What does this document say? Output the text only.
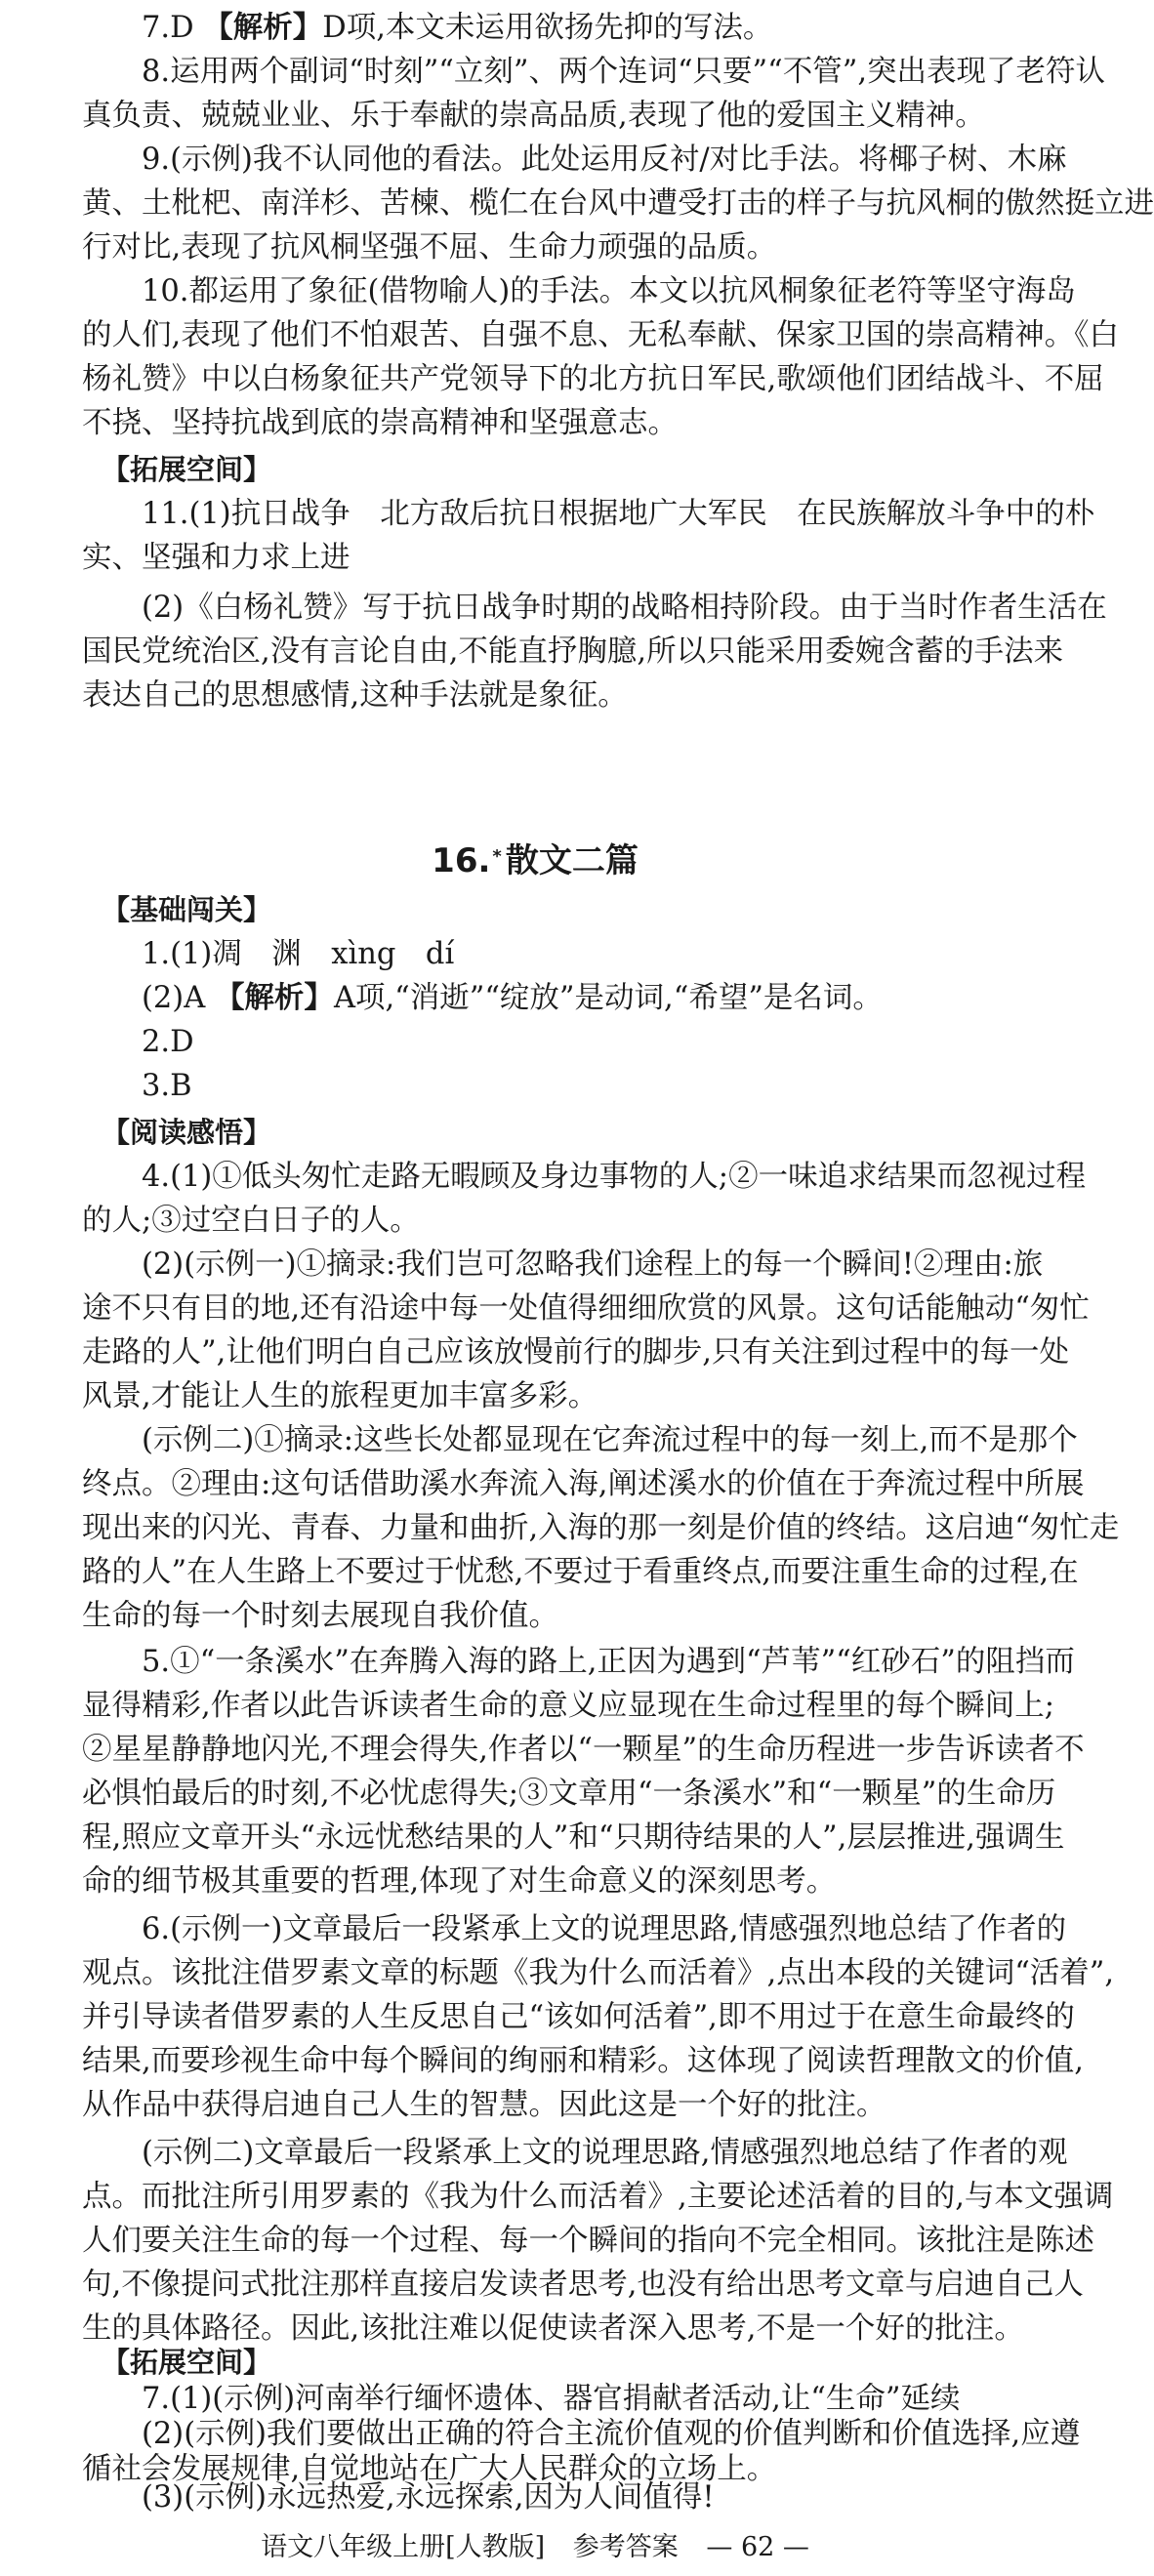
　　7.D 【解析】D项,本文未运用欲扬先抑的写法。
　　8.运用两个副词“时刻”“立刻”、两个连词“只要”“不管”,突出表现了老符认
真负责、兢兢业业、乐于奉献的崇高品质,表现了他的爱国主义精神。
　　9.(示例)我不认同他的看法。此处运用反衬/对比手法。将椰子树、木麻
黄、土枇杷、南洋杉、苦楝、榄仁在台风中遭受打击的样子与抗风桐的傲然挺立进
行对比,表现了抗风桐坚强不屈、生命力顽强的品质。
　　10.都运用了象征(借物喻人)的手法。本文以抗风桐象征老符等坚守海岛
的人们,表现了他们不怕艰苦、自强不息、无私奉献、保家卫国的崇高精神。《白
杨礼赞》中以白杨象征共产党领导下的北方抗日军民,歌颂他们团结战斗、不屈
不挠、坚持抗战到底的崇高精神和坚强意志。
【拓展空间】
　　11.(1)抗日战争　北方敌后抗日根据地广大军民　在民族解放斗争中的朴
实、坚强和力求上进
　　(2)《白杨礼赞》写于抗日战争时期的战略相持阶段。由于当时作者生活在
国民党统治区,没有言论自由,不能直抒胸臆,所以只能采用委婉含蓄的手法来
表达自己的思想感情,这种手法就是象征。
16. * 散文二篇
【基础闯关】
　　1.(1)凋　渊　xìng　dí
　　(2)A 【解析】A项,“消逝”“绽放”是动词,“希望”是名词。
　　2.D
　　3.B
【阅读感悟】
　　4.(1)①低头匆忙走路无暇顾及身边事物的人;②一味追求结果而忽视过程
的人;③过空白日子的人。
　　(2)(示例一)①摘录:我们岂可忽略我们途程上的每一个瞬间!②理由:旅
途不只有目的地,还有沿途中每一处值得细细欣赏的风景。这句话能触动“匆忙
走路的人”,让他们明白自己应该放慢前行的脚步,只有关注到过程中的每一处
风景,才能让人生的旅程更加丰富多彩。
　　(示例二)①摘录:这些长处都显现在它奔流过程中的每一刻上,而不是那个
终点。②理由:这句话借助溪水奔流入海,阐述溪水的价值在于奔流过程中所展
现出来的闪光、青春、力量和曲折,入海的那一刻是价值的终结。这启迪“匆忙走
路的人”在人生路上不要过于忧愁,不要过于看重终点,而要注重生命的过程,在
生命的每一个时刻去展现自我价值。
　　5.①“一条溪水”在奔腾入海的路上,正因为遇到“芦苇”“红砂石”的阻挡而
显得精彩,作者以此告诉读者生命的意义应显现在生命过程里的每个瞬间上;
②星星静静地闪光,不理会得失,作者以“一颗星”的生命历程进一步告诉读者不
必惧怕最后的时刻,不必忧虑得失;③文章用“一条溪水”和“一颗星”的生命历
程,照应文章开头“永远忧愁结果的人”和“只期待结果的人”,层层推进,强调生
命的细节极其重要的哲理,体现了对生命意义的深刻思考。
　　6.(示例一)文章最后一段紧承上文的说理思路,情感强烈地总结了作者的
观点。该批注借罗素文章的标题《我为什么而活着》,点出本段的关键词“活着”,
并引导读者借罗素的人生反思自己“该如何活着”,即不用过于在意生命最终的
结果,而要珍视生命中每个瞬间的绚丽和精彩。这体现了阅读哲理散文的价值,
从作品中获得启迪自己人生的智慧。因此这是一个好的批注。
　　(示例二)文章最后一段紧承上文的说理思路,情感强烈地总结了作者的观
点。而批注所引用罗素的《我为什么而活着》,主要论述活着的目的,与本文强调
人们要关注生命的每一个过程、每一个瞬间的指向不完全相同。该批注是陈述
句,不像提问式批注那样直接启发读者思考,也没有给出思考文章与启迪自己人
生的具体路径。因此,该批注难以促使读者深入思考,不是一个好的批注。
【拓展空间】
　　7.(1)(示例)河南举行缅怀遗体、器官捐献者活动,让“生命”延续
　　(2)(示例)我们要做出正确的符合主流价值观的价值判断和价值选择,应遵
循社会发展规律,自觉地站在广大人民群众的立场上。
　　(3)(示例)永远热爱,永远探索,因为人间值得!
语文八年级上册[人教版] 参考答案 — 62 —
